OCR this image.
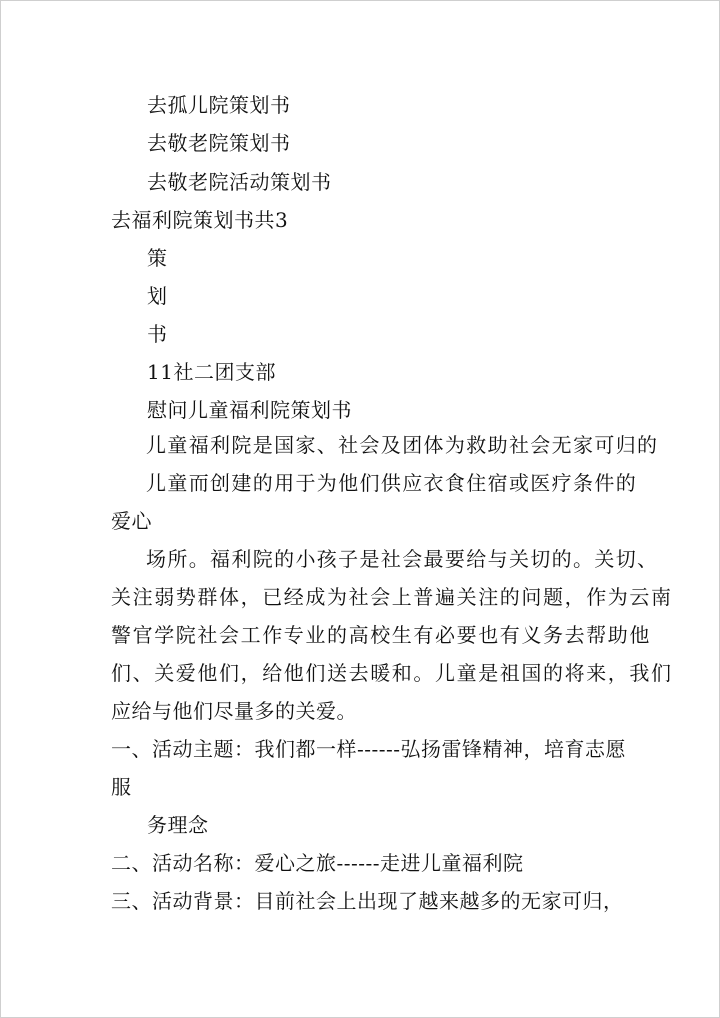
去孤儿院策划书
去敬老院策划书
去敬老院活动策划书
去福利院策划书共3
策
划
书
11社二团支部
慰问儿童福利院策划书
儿童福利院是国家、社会及团体为救助社会无家可归的
儿童而创建的用于为他们供应衣食住宿或医疗条件的
爱心
场所。福利院的小孩子是社会最要给与关切的。关切、
关注弱势群体，已经成为社会上普遍关注的问题，作为云南
警官学院社会工作专业的高校生有必要也有义务去帮助他
们、关爱他们，给他们送去暖和。儿童是祖国的将来，我们
应给与他们尽量多的关爱。
一、活动主题：我们都一样------弘扬雷锋精神，培育志愿
服
务理念
二、活动名称：爱心之旅------走进儿童福利院
三、活动背景：目前社会上出现了越来越多的无家可归，
